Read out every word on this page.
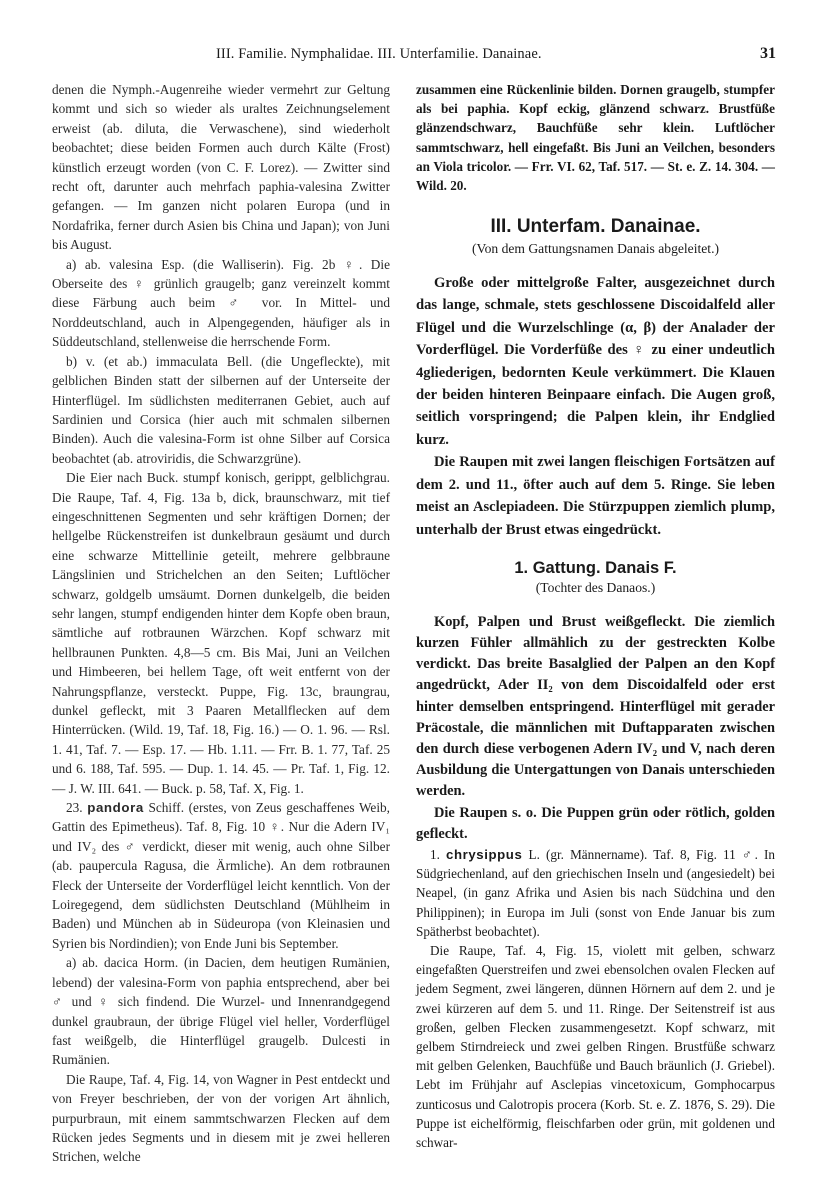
III. Familie. Nymphalidae. III. Unterfamilie. Danainae.	31

denen die Nymph.-Augenreihe wieder vermehrt zur Geltung kommt und sich so wieder als uraltes Zeichnungselement erweist (ab. diluta, die Verwaschene), sind wiederholt beobachtet; diese beiden Formen auch durch Kälte (Frost) künstlich erzeugt worden (von C. F. Lorez). — Zwitter sind recht oft, darunter auch mehrfach paphia-valesina Zwitter gefangen. — Im ganzen nicht polaren Europa (und in Nordafrika, ferner durch Asien bis China und Japan); von Juni bis August.

a) ab. valesina Esp. (die Walliserin). Fig. 2b ♀. Die Oberseite des ♀ grünlich graugelb; ganz vereinzelt kommt diese Färbung auch beim ♂ vor. In Mittel- und Norddeutschland, auch in Alpengegenden, häufiger als in Süddeutschland, stellenweise die herrschende Form.

b) v. (et ab.) immaculata Bell. (die Ungefleckte), mit gelblichen Binden statt der silbernen auf der Unterseite der Hinterflügel. Im südlichsten mediterranen Gebiet, auch auf Sardinien und Corsica (hier auch mit schmalen silbernen Binden). Auch die valesina-Form ist ohne Silber auf Corsica beobachtet (ab. atroviridis, die Schwarzgrüne).

Die Eier nach Buck. stumpf konisch, gerippt, gelblichgrau. Die Raupe, Taf. 4, Fig. 13a b, dick, braunschwarz, mit tief eingeschnittenen Segmenten und sehr kräftigen Dornen; der hellgelbe Rückenstreifen ist dunkelbraun gesäumt und durch eine schwarze Mittellinie geteilt, mehrere gelbbraune Längslinien und Strichelchen an den Seiten; Luftlöcher schwarz, goldgelb umsäumt. Dornen dunkelgelb, die beiden sehr langen, stumpf endigenden hinter dem Kopfe oben braun, sämtliche auf rotbraunen Wärzchen. Kopf schwarz mit hellbraunen Punkten. 4,8—5 cm. Bis Mai, Juni an Veilchen und Himbeeren, bei hellem Tage, oft weit entfernt von der Nahrungspflanze, versteckt. Puppe, Fig. 13c, braungrau, dunkel gefleckt, mit 3 Paaren Metallflecken auf dem Hinterrücken. (Wild. 19, Taf. 18, Fig. 16.) — O. 1. 96. — Rsl. 1. 41, Taf. 7. — Esp. 17. — Hb. 1.11. — Frr. B. 1. 77, Taf. 25 und 6. 188, Taf. 595. — Dup. 1. 14. 45. — Pr. Taf. 1, Fig. 12. — J. W. III. 641. — Buck. p. 58, Taf. X, Fig. 1.

23. pandora Schiff. (erstes, von Zeus geschaffenes Weib, Gattin des Epimetheus). Taf. 8, Fig. 10 ♀. Nur die Adern IV₁ und IV₂ des ♂ verdickt, dieser mit wenig, auch ohne Silber (ab. paupercula Ragusa, die Ärmliche). An dem rotbraunen Fleck der Unterseite der Vorderflügel leicht kenntlich. Von der Loiregegend, dem südlichsten Deutschland (Mühlheim in Baden) und München ab in Südeuropa (von Kleinasien und Syrien bis Nordindien); von Ende Juni bis September.

a) ab. dacica Horm. (in Dacien, dem heutigen Rumänien, lebend) der valesina-Form von paphia entsprechend, aber bei ♂ und ♀ sich findend. Die Wurzel- und Innenrandgegend dunkel graubraun, der übrige Flügel viel heller, Vorderflügel fast weißgelb, die Hinterflügel graugelb. Dulcesti in Rumänien.

Die Raupe, Taf. 4, Fig. 14, von Wagner in Pest entdeckt und von Freyer beschrieben, der von der vorigen Art ähnlich, purpurbraun, mit einem sammtschwarzen Flecken auf dem Rücken jedes Segments und in diesem mit je zwei helleren Strichen, welche

zusammen eine Rückenlinie bilden. Dornen graugelb, stumpfer als bei paphia. Kopf eckig, glänzend schwarz. Brustfüße glänzendschwarz, Bauchfüße sehr klein. Luftlöcher sammtschwarz, hell eingefaßt. Bis Juni an Veilchen, besonders an Viola tricolor. — Frr. VI. 62, Taf. 517. — St. e. Z. 14. 304. — Wild. 20.

III. Unterfam. Danainae.
(Von dem Gattungsnamen Danais abgeleitet.)

Große oder mittelgroße Falter, ausgezeichnet durch das lange, schmale, stets geschlossene Discoidalfeld aller Flügel und die Wurzelschlinge (α, β) der Analader der Vorderflügel. Die Vorderfüße des ♀ zu einer undeutlich 4gliederigen, bedornten Keule verkümmert. Die Klauen der beiden hinteren Beinpaare einfach. Die Augen groß, seitlich vorspringend; die Palpen klein, ihr Endglied kurz.

Die Raupen mit zwei langen fleischigen Fortsätzen auf dem 2. und 11., öfter auch auf dem 5. Ringe. Sie leben meist an Asclepiadeen. Die Stürzpuppen ziemlich plump, unterhalb der Brust etwas eingedrückt.

1. Gattung. Danais F.
(Tochter des Danaos.)

Kopf, Palpen und Brust weißgefleckt. Die ziemlich kurzen Fühler allmählich zu der gestreckten Kolbe verdickt. Das breite Basalglied der Palpen an den Kopf angedrückt, Ader II₂ von dem Discoidalfeld oder erst hinter demselben entspringend. Hinterflügel mit gerader Präcostale, die männlichen mit Duftapparaten zwischen den durch diese verbogenen Adern IV₂ und V, nach deren Ausbildung die Untergattungen von Danais unterschieden werden.

Die Raupen s. o. Die Puppen grün oder rötlich, golden gefleckt.

1. chrysippus L. (gr. Männername). Taf. 8, Fig. 11 ♂. In Südgriechenland, auf den griechischen Inseln und (angesiedelt) bei Neapel, (in ganz Afrika und Asien bis nach Südchina und den Philippinen); in Europa im Juli (sonst von Ende Januar bis zum Spätherbst beobachtet).

Die Raupe, Taf. 4, Fig. 15, violett mit gelben, schwarz eingefaßten Querstreifen und zwei ebensolchen ovalen Flecken auf jedem Segment, zwei längeren, dünnen Hörnern auf dem 2. und je zwei kürzeren auf dem 5. und 11. Ringe. Der Seitenstreif ist aus großen, gelben Flecken zusammengesetzt. Kopf schwarz, mit gelbem Stirndreieck und zwei gelben Ringen. Brustfüße schwarz mit gelben Gelenken, Bauchfüße und Bauch bräunlich (J. Griebel). Lebt im Frühjahr auf Asclepias vincetoxicum, Gomphocarpus zunticosus und Calotropis procera (Korb. St. e. Z. 1876, S. 29). Die Puppe ist eichelförmig, fleischfarben oder grün, mit goldenen und schwar-
